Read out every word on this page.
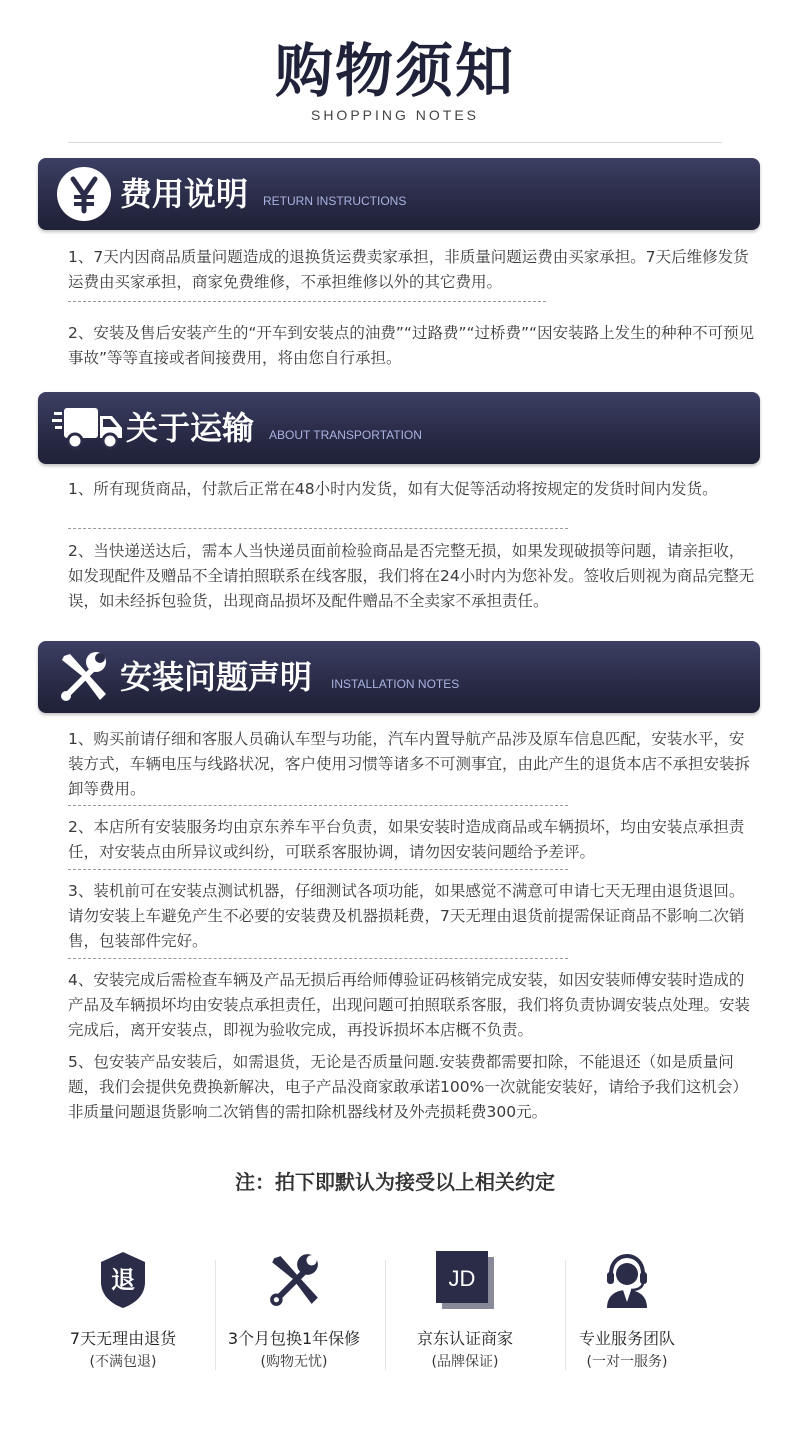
购物须知
SHOPPING NOTES
费用说明 RETURN INSTRUCTIONS
1、7天内因商品质量问题造成的退换货运费卖家承担，非质量问题运费由买家承担。7天后维修发货运费由买家承担，商家免费维修，不承担维修以外的其它费用。
2、安装及售后安装产生的“开车到安装点的油费”“过路费”“过桥费”“因安装路上发生的种种不可预见事故”等等直接或者间接费用，将由您自行承担。
关于运输 ABOUT TRANSPORTATION
1、所有现货商品，付款后正常在48小时内发货，如有大促等活动将按规定的发货时间内发货。
2、当快递送达后，需本人当快递员面前检验商品是否完整无损，如果发现破损等问题，请亲拒收，如发现配件及赠品不全请拍照联系在线客服，我们将在24小时内为您补发。签收后则视为商品完整无误，如未经拆包验货，出现商品损坏及配件赠品不全卖家不承担责任。
安装问题声明 INSTALLATION NOTES
1、购买前请仔细和客服人员确认车型与功能，汽车内置导航产品涉及原车信息匹配，安装水平，安装方式，车辆电压与线路状况，客户使用习惯等诸多不可测事宜，由此产生的退货本店不承担安装拆卸等费用。
2、本店所有安装服务均由京东养车平台负责，如果安装时造成商品或车辆损坏，均由安装点承担责任，对安装点由所异议或纠纷，可联系客服协调，请勿因安装问题给予差评。
3、装机前可在安装点测试机器，仔细测试各项功能，如果感觉不满意可申请七天无理由退货退回。请勿安装上车避免产生不必要的安装费及机器损耗费，7天无理由退货前提需保证商品不影响二次销售，包装部件完好。
4、安装完成后需检查车辆及产品无损后再给师傅验证码核销完成安装，如因安装师傅安装时造成的产品及车辆损坏均由安装点承担责任，出现问题可拍照联系客服，我们将负责协调安装点处理。安装完成后，离开安装点，即视为验收完成，再投诉损坏本店概不负责。
5、包安装产品安装后，如需退货，无论是否质量问题.安装费都需要扣除，不能退还（如是质量问题，我们会提供免费换新解决，电子产品没商家敢承诺100%一次就能安装好，请给予我们这机会）非质量问题退货影响二次销售的需扣除机器线材及外壳损耗费300元。
注：拍下即默认为接受以上相关约定
退
7天无理由退货
(不满包退)
3个月包换1年保修
(购物无忧)
JD
京东认证商家
(品牌保证)
专业服务团队
(一对一服务)
